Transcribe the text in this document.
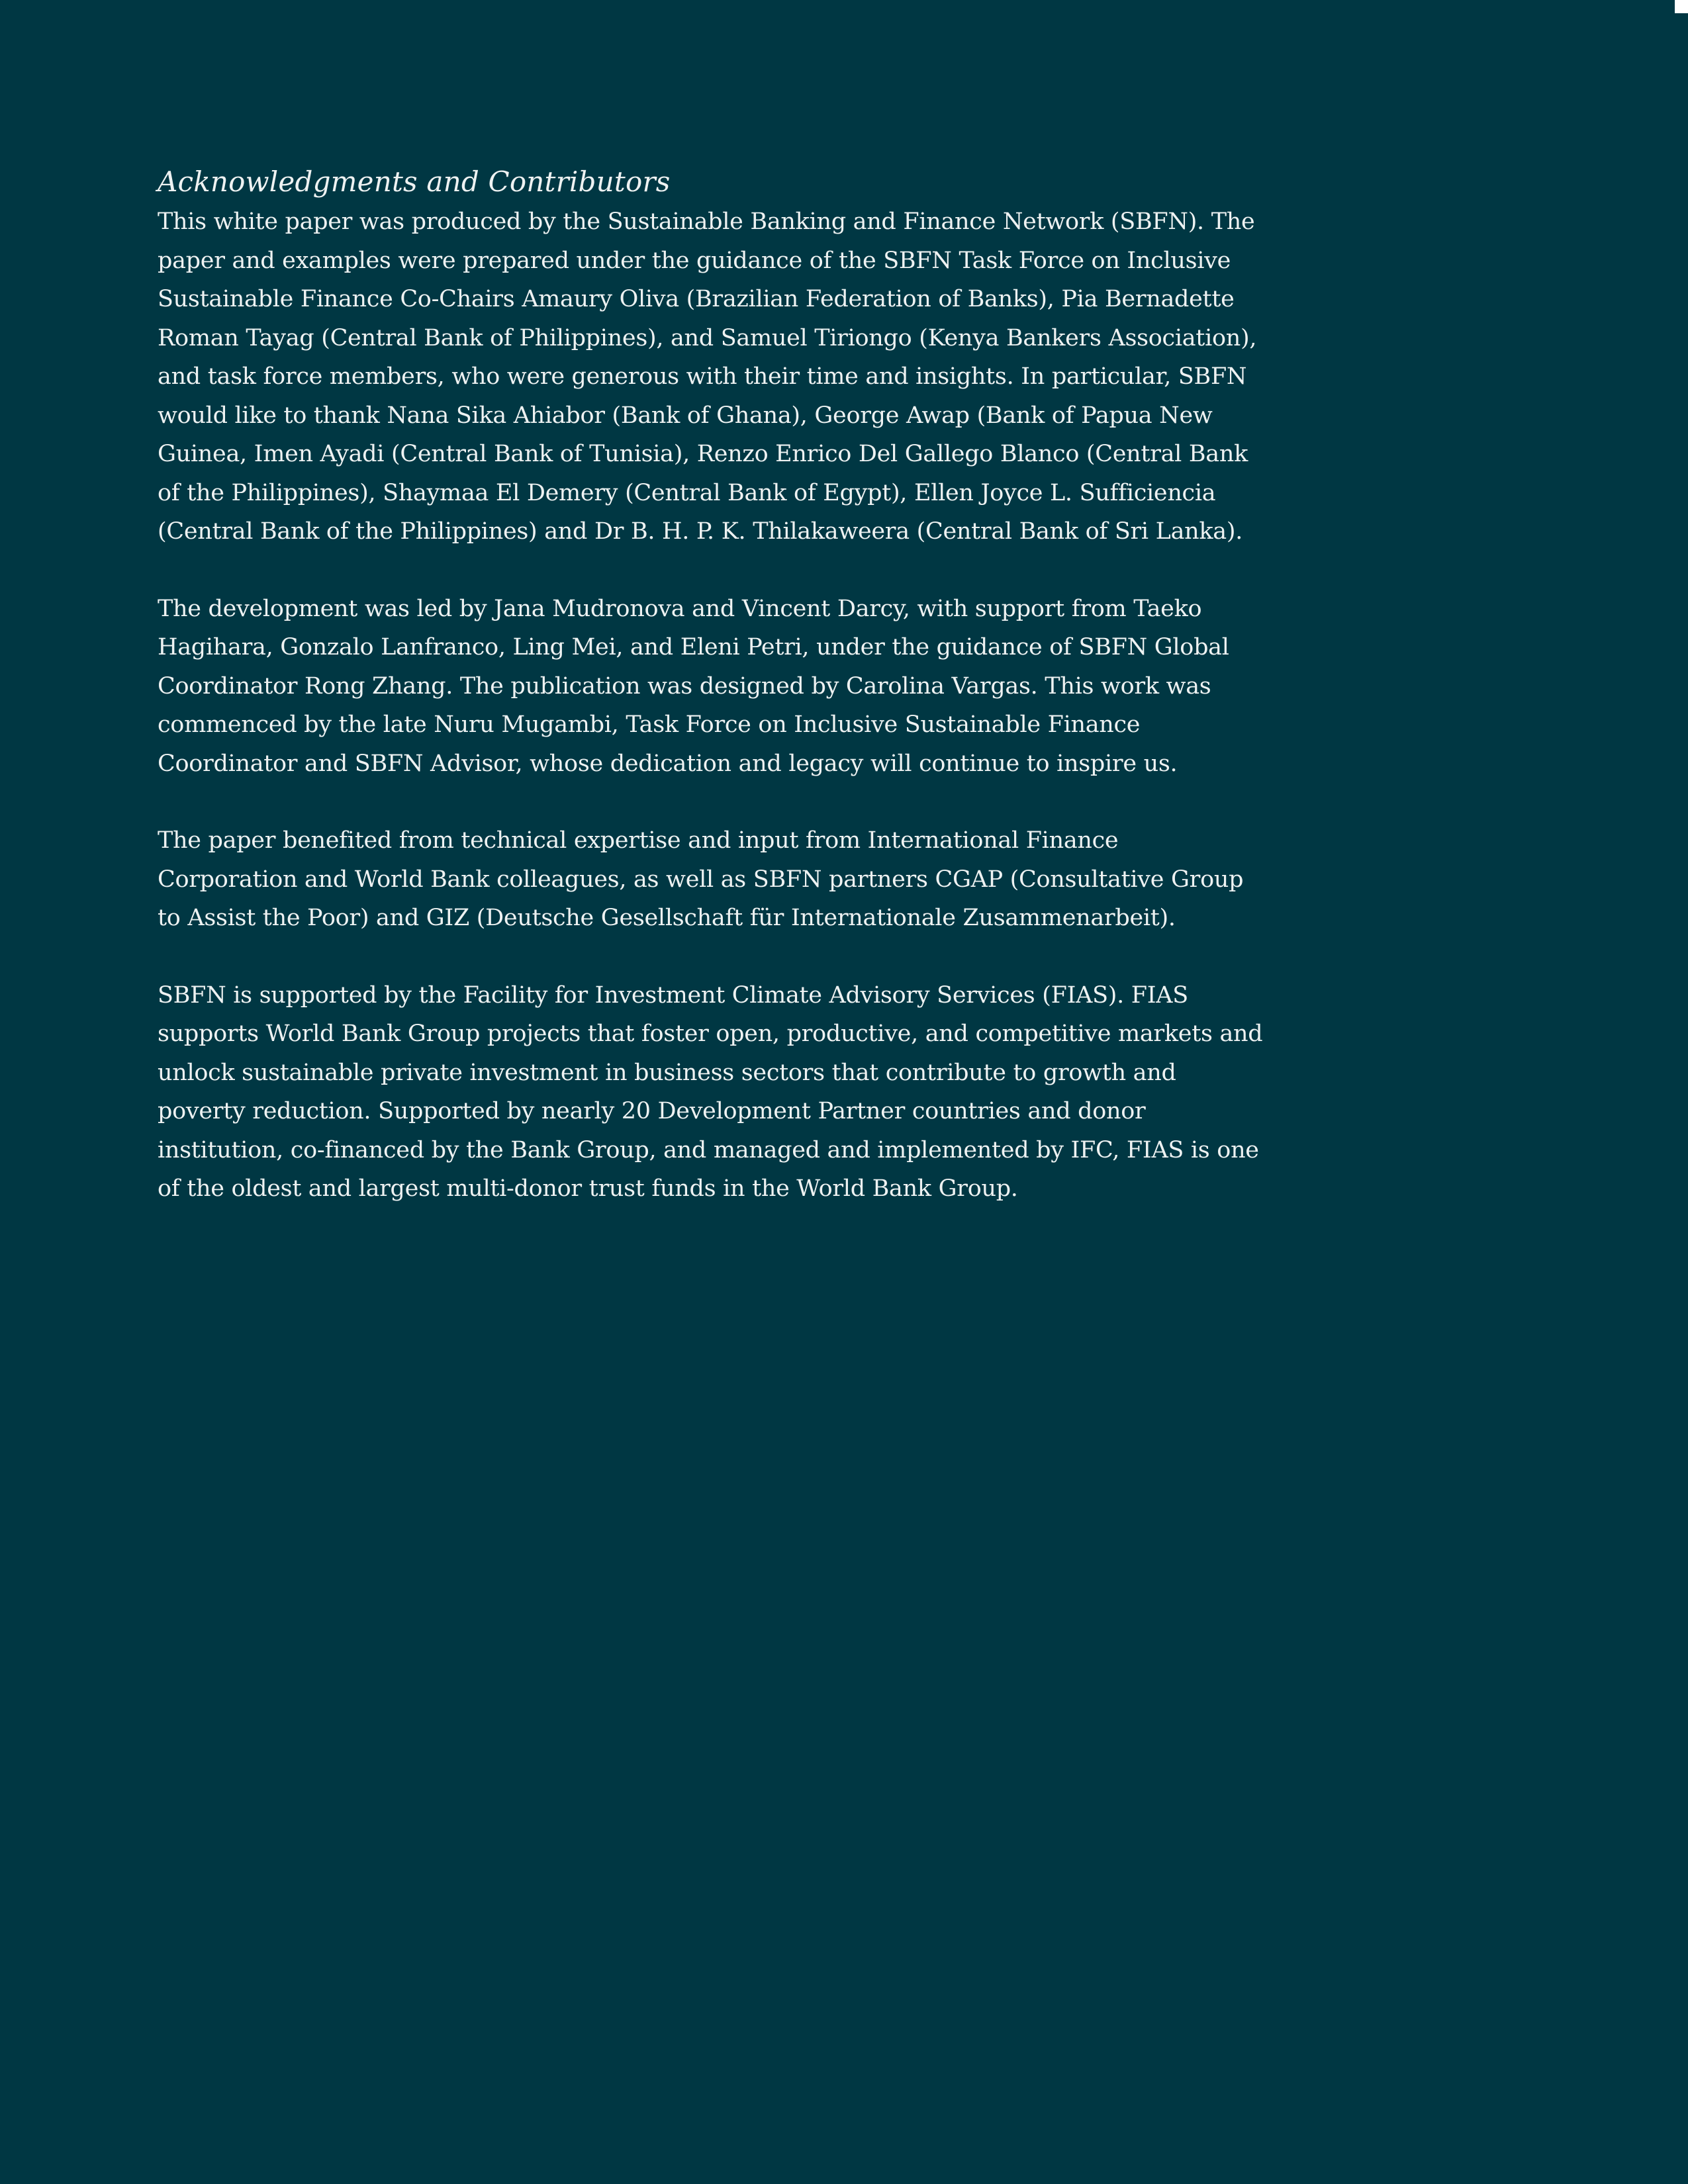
Acknowledgments and Contributors

This white paper was produced by the Sustainable Banking and Finance Network (SBFN). The paper and examples were prepared under the guidance of the SBFN Task Force on Inclusive Sustainable Finance Co-Chairs Amaury Oliva (Brazilian Federation of Banks), Pia Bernadette Roman Tayag (Central Bank of Philippines), and Samuel Tiriongo (Kenya Bankers Association), and task force members, who were generous with their time and insights. In particular, SBFN would like to thank Nana Sika Ahiabor (Bank of Ghana), George Awap (Bank of Papua New Guinea, Imen Ayadi (Central Bank of Tunisia), Renzo Enrico Del Gallego Blanco (Central Bank of the Philippines), Shaymaa El Demery (Central Bank of Egypt), Ellen Joyce L. Sufficiencia (Central Bank of the Philippines) and Dr B. H. P. K. Thilakaweera (Central Bank of Sri Lanka).

The development was led by Jana Mudronova and Vincent Darcy, with support from Taeko Hagihara, Gonzalo Lanfranco, Ling Mei, and Eleni Petri, under the guidance of SBFN Global Coordinator Rong Zhang. The publication was designed by Carolina Vargas. This work was commenced by the late Nuru Mugambi, Task Force on Inclusive Sustainable Finance Coordinator and SBFN Advisor, whose dedication and legacy will continue to inspire us.

The paper benefited from technical expertise and input from International Finance Corporation and World Bank colleagues, as well as SBFN partners CGAP (Consultative Group to Assist the Poor) and GIZ (Deutsche Gesellschaft für Internationale Zusammenarbeit).

SBFN is supported by the Facility for Investment Climate Advisory Services (FIAS). FIAS supports World Bank Group projects that foster open, productive, and competitive markets and unlock sustainable private investment in business sectors that contribute to growth and poverty reduction. Supported by nearly 20 Development Partner countries and donor institution, co-financed by the Bank Group, and managed and implemented by IFC, FIAS is one of the oldest and largest multi-donor trust funds in the World Bank Group.
